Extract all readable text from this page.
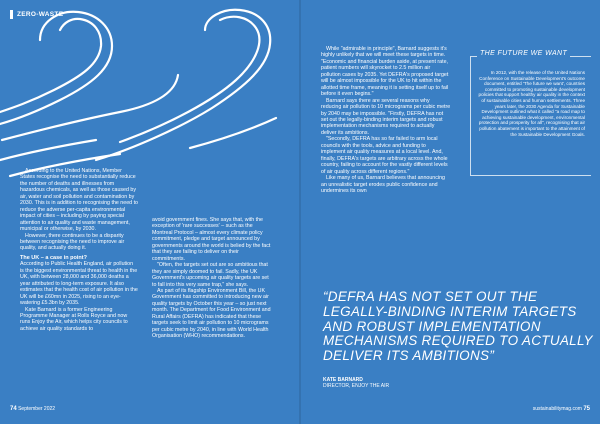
ZERO-WASTE

According to the United Nations, Member States recognise the need to substantially reduce the number of deaths and illnesses from hazardous chemicals, as well as those caused by air, water and soil pollution and contamination by 2030. This is in addition to recognising the need to reduce the adverse per-capita environmental impact of cities – including by paying special attention to air quality and waste management, municipal or otherwise, by 2030.

However, there continues to be a disparity between recognising the need to improve air quality, and actually doing it.

The UK – a case in point?

According to Public Health England, air pollution is the biggest environmental threat to health in the UK, with between 28,000 and 36,000 deaths a year attributed to long-term exposure. It also estimates that the health cost of air pollution in the UK will be £60mn in 2025, rising to an eye-watering £5.3bn by 2035.

Kate Barnard is a former Engineering Programme Manager at Rolls Royce and now runs Enjoy the Air, which helps city councils to achieve air quality standards to

avoid government fines. She says that, with the exception of 'rare successes' – such as the Montreal Protocol – almost every climate policy commitment, pledge and target announced by governments around the world is belied by the fact that they are failing to deliver on their commitments.

"Often, the targets set out are so ambitious that they are simply doomed to fail. Sadly, the UK Government's upcoming air quality targets are set to fall into this very same trap," she says.

As part of its flagship Environment Bill, the UK Government has committed to introducing new air quality targets by October this year – so just next month. The Department for Food Environment and Rural Affairs (DEFRA) has indicated that these targets seek to limit air pollution to 10 micrograms per cubic metre by 2040, in line with World Health Organisation (WHO) recommendations.

While "admirable in principle", Barnard suggests it's highly unlikely that we will meet these targets in time. "Economic and financial burden aside, at present rate, patient numbers will skyrocket to 2.5 million air pollution cases by 2035. Yet DEFRA's proposed target will be almost impossible for the UK to hit within the allotted time frame, meaning it is setting itself up to fail before it even begins."

Barnard says there are several reasons why reducing air pollution to 10 micrograms per cubic metre by 2040 may be impossible. "Firstly, DEFRA has not set out the legally-binding interim targets and robust implementation mechanisms required to actually deliver its ambitions.

"Secondly, DEFRA has so far failed to arm local councils with the tools, advice and funding to implement air quality measures at a local level. And, finally, DEFRA's targets are arbitrary across the whole country, failing to account for the vastly different levels of air quality across different regions."

Like many of us, Barnard believes that announcing an unrealistic target erodes public confidence and undermines its own

THE FUTURE WE WANT
In 2012, with the release of the United Nations Conference on Sustainable Development's outcome document, entitled 'The future we want', countries committed to promoting sustainable development policies that support healthy air quality in the context of sustainable cities and human settlements. Three years later, the 2030 Agenda for Sustainable Development outlined what it called "a road map to achieving sustainable development, environmental protection and prosperity for all", recognising that air pollution abatement is important to the attainment of the Sustainable Development Goals.
“DEFRA HAS NOT SET OUT THE LEGALLY-BINDING INTERIM TARGETS AND ROBUST IMPLEMENTATION MECHANISMS REQUIRED TO ACTUALLY DELIVER ITS AMBITIONS”
KATE BARNARD
DIRECTOR, ENJOY THE AIR
74 September 2022	sustainabilitymag.com 75
